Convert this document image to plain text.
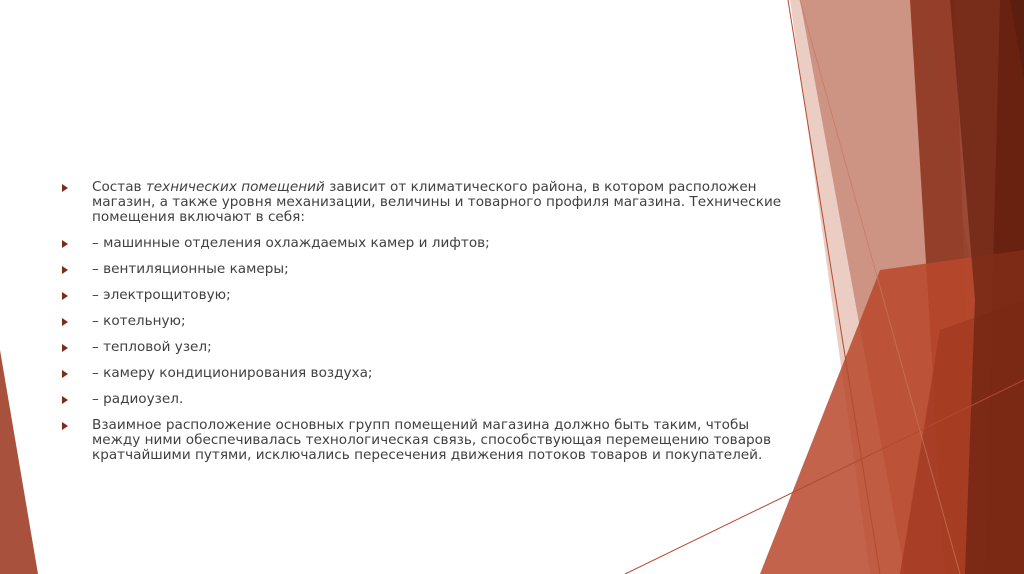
Состав технических помещений зависит от климатического района, в котором расположен магазин, а также уровня механизации, величины и товарного профиля магазина. Технические помещения включают в себя:
– машинные отделения охлаждаемых камер и лифтов;
– вентиляционные камеры;
– электрощитовую;
– котельную;
– тепловой узел;
– камеру кондиционирования воздуха;
– радиоузел.
Взаимное расположение основных групп помещений магазина должно быть таким, чтобы между ними обеспечивалась технологическая связь, способствующая перемещению товаров кратчайшими путями, исключались пересечения движения потоков товаров и покупателей.
